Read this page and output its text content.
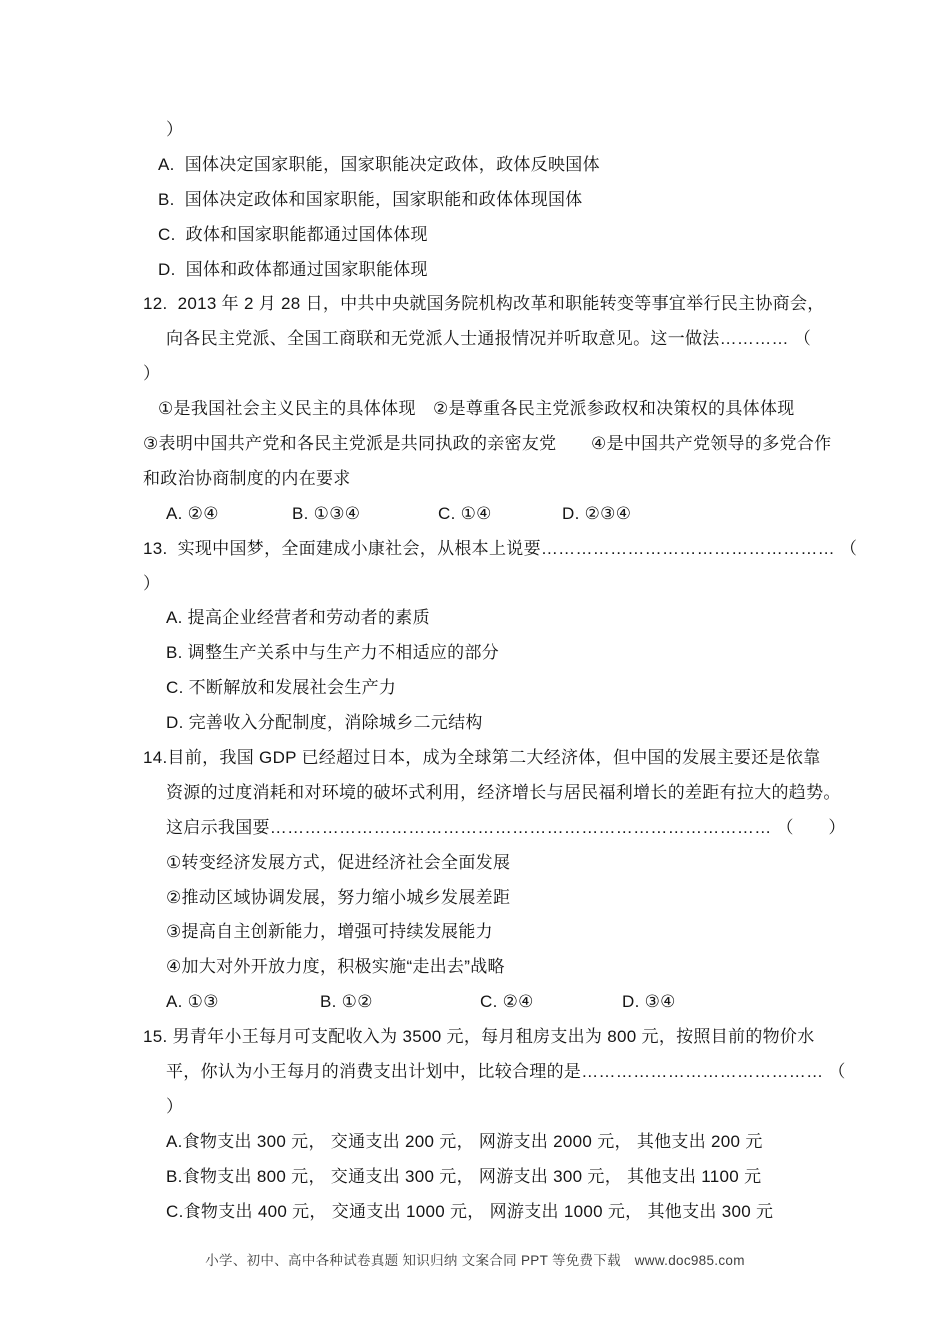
）
A.  国体决定国家职能，国家职能决定政体，政体反映国体
B.  国体决定政体和国家职能，国家职能和政体体现国体
C.  政体和国家职能都通过国体体现
D.  国体和政体都通过国家职能体现
12.  2013 年 2 月 28 日，中共中央就国务院机构改革和职能转变等事宜举行民主协商会，
向各民主党派、全国工商联和无党派人士通报情况并听取意见。这一做法………… （
）
①是我国社会主义民主的具体体现　②是尊重各民主党派参政权和决策权的具体体现
③表明中国共产党和各民主党派是共同执政的亲密友党　　④是中国共产党领导的多党合作
和政治协商制度的内在要求
A. ②④	B. ①③④	C. ①④	D. ②③④
13.  实现中国梦，全面建成小康社会，从根本上说要…………………………………………… （
）
A. 提高企业经营者和劳动者的素质
B. 调整生产关系中与生产力不相适应的部分
C. 不断解放和发展社会生产力
D. 完善收入分配制度，消除城乡二元结构
14.目前，我国 GDP 已经超过日本，成为全球第二大经济体，但中国的发展主要还是依靠
资源的过度消耗和对环境的破坏式利用，经济增长与居民福利增长的差距有拉大的趋势。
这启示我国要…………………………………………………………………………… （　　）
①转变经济发展方式，促进经济社会全面发展
②推动区域协调发展，努力缩小城乡发展差距
③提高自主创新能力，增强可持续发展能力
④加大对外开放力度，积极实施“走出去”战略
A. ①③	B. ①②	C. ②④	D. ③④
15. 男青年小王每月可支配收入为 3500 元，每月租房支出为 800 元，按照目前的物价水
平，你认为小王每月的消费支出计划中，比较合理的是…………………………………… （
）
A.食物支出 300 元， 交通支出 200 元， 网游支出 2000 元， 其他支出 200 元
B.食物支出 800 元， 交通支出 300 元， 网游支出 300 元， 其他支出 1100 元
C.食物支出 400 元， 交通支出 1000 元， 网游支出 1000 元， 其他支出 300 元
小学、初中、高中各种试卷真题 知识归纳 文案合同 PPT 等免费下载　www.doc985.com
